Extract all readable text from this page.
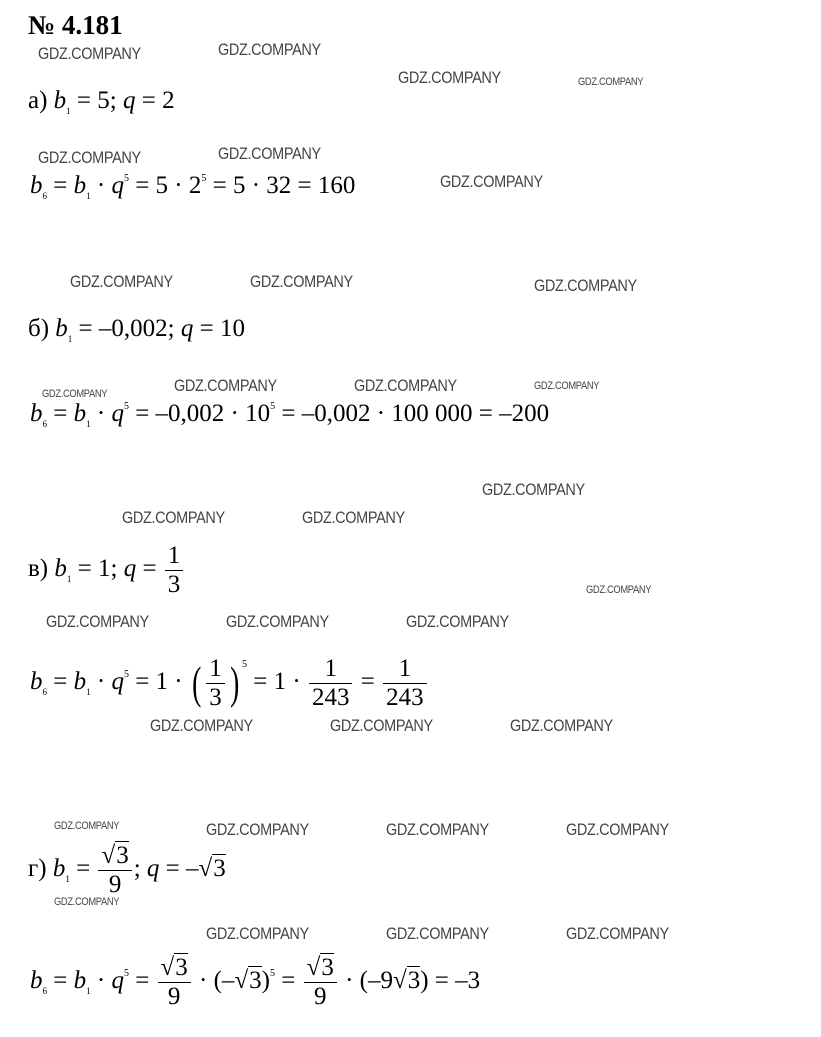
№ 4.181
а) $b_1 = 5$; q = 2
$b_6 = b_1 \cdot q^5 = 5 \cdot 2^5 = 5 \cdot 32 = 160$
б) $b_1 = -0,002$; q = 10
$b_6 = b_1 \cdot q^5 = -0,002 \cdot 10^5 = -0,002 \cdot 100$ 000 = –200
в) $b_1 = 1$; $q = \frac{1}{3}$
$b_6 = b_1 \cdot q^5 = 1$ · ( $\frac{1}{3}$ ) $^5 = 1 \cdot \frac{1}{243} = \frac{1}{243}$
г) $b_1 = \frac{√3}{9}$ ; q = –√3
$b_6 = b_1 \cdot q^5 = \frac{√3}{9} \cdot (-√3)^5 = \frac{√3}{9} \cdot (-9√3) = -3$
GDZ.COMPANY	GDZ.COMPANY
GDZ.COMPANY	GDZ.COMPANY
GDZ.COMPANY	GDZ.COMPANY
GDZ.COMPANY
GDZ.COMPANY	GDZ.COMPANY	GDZ.COMPANY
GDZ.COMPANY	GDZ.COMPANY	GDZ.COMPANY	GDZ.COMPANY
GDZ.COMPANY
GDZ.COMPANY	GDZ.COMPANY
GDZ.COMPANY
GDZ.COMPANY	GDZ.COMPANY	GDZ.COMPANY
GDZ.COMPANY	GDZ.COMPANY	GDZ.COMPANY
GDZ.COMPANY	GDZ.COMPANY	GDZ.COMPANY	GDZ.COMPANY
GDZ.COMPANY
GDZ.COMPANY	GDZ.COMPANY	GDZ.COMPANY
